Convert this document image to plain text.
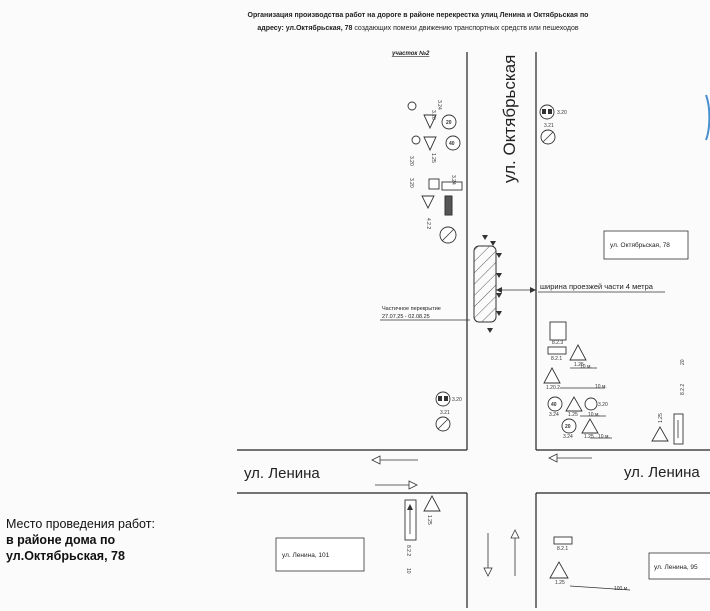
Организация производства работ на дороге в районе перекрестка улиц Ленина и Октябрьская по
адресу: ул.Октябрьская, 78 создающих помехи движению транспортных средств или пешеходов
участок №2
ул. Октябрьская
ул. Ленина	ул. Ленина
Частичное перекрытие
27.07.25 - 02.08.25
ширина проезжей части 4 метра
ул. Октябрьская, 78
ул. Ленина, 101
ул. Ленина, 95
20
40
3.20
3.24
3.20	1.25
3.24
3.20
4.2.2
3.20
3.21
3.20
3.21
8.2.3
8.2.1
1.25
10 м.
1.20.2	10 м.
40
3.24 1.25
3.20
10 м.
20
3.24 1.25 10 м.
20
8.2.2
1.25
8.2.2
10
1.25
8.2.1
1.25
100 м.
Место проведения работ:
в районе дома по
ул.Октябрьская, 78
